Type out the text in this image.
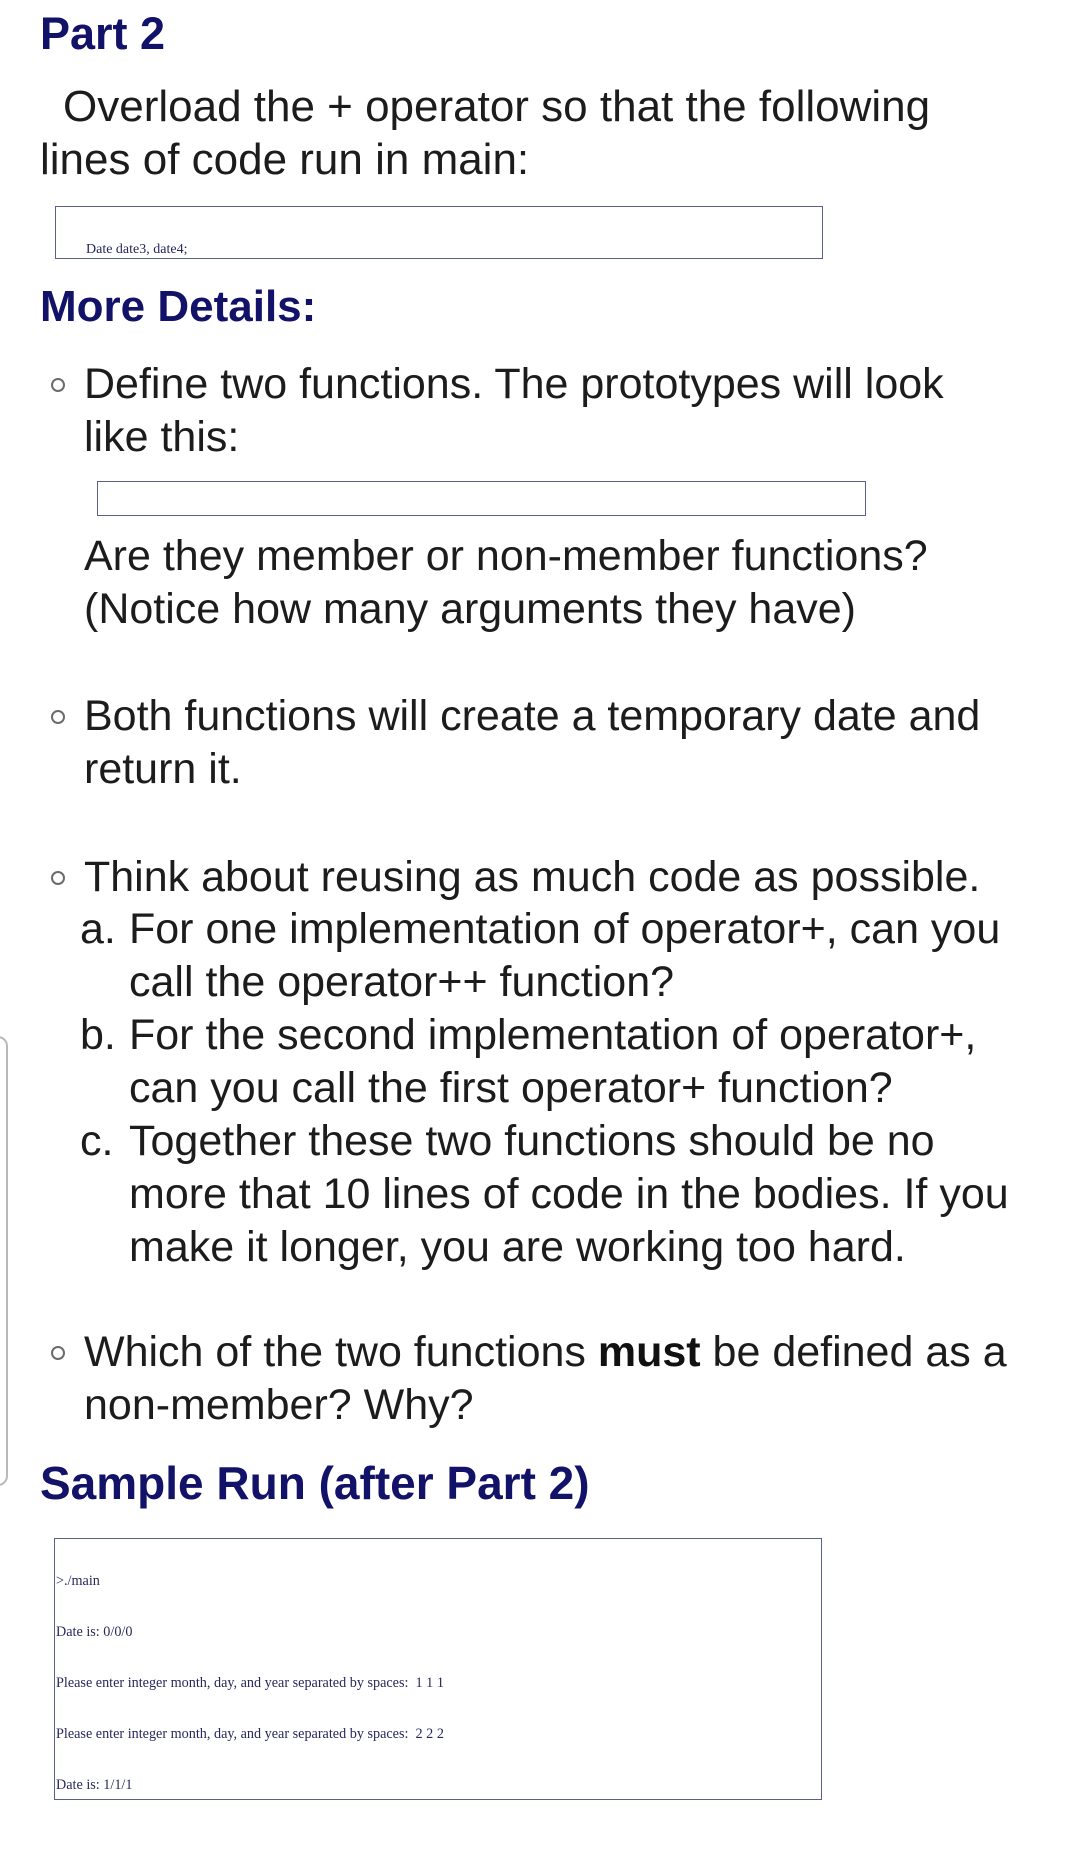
Part 2

Overload the + operator so that the following
lines of code run in main:

Date date3, date4;

More Details:

Define two functions. The prototypes will look
like this:

Are they member or non-member functions?
(Notice how many arguments they have)

Both functions will create a temporary date and
return it.

Think about reusing as much code as possible.

a. For one implementation of operator+, can you
call the operator++ function?
b. For the second implementation of operator+,
can you call the first operator+ function?
c. Together these two functions should be no
more that 10 lines of code in the bodies. If you
make it longer, you are working too hard.

Which of the two functions must be defined as a
non-member? Why?

Sample Run (after Part 2)

>./main

Date is: 0/0/0

Please enter integer month, day, and year separated by spaces:  1 1 1

Please enter integer month, day, and year separated by spaces:  2 2 2

Date is: 1/1/1
